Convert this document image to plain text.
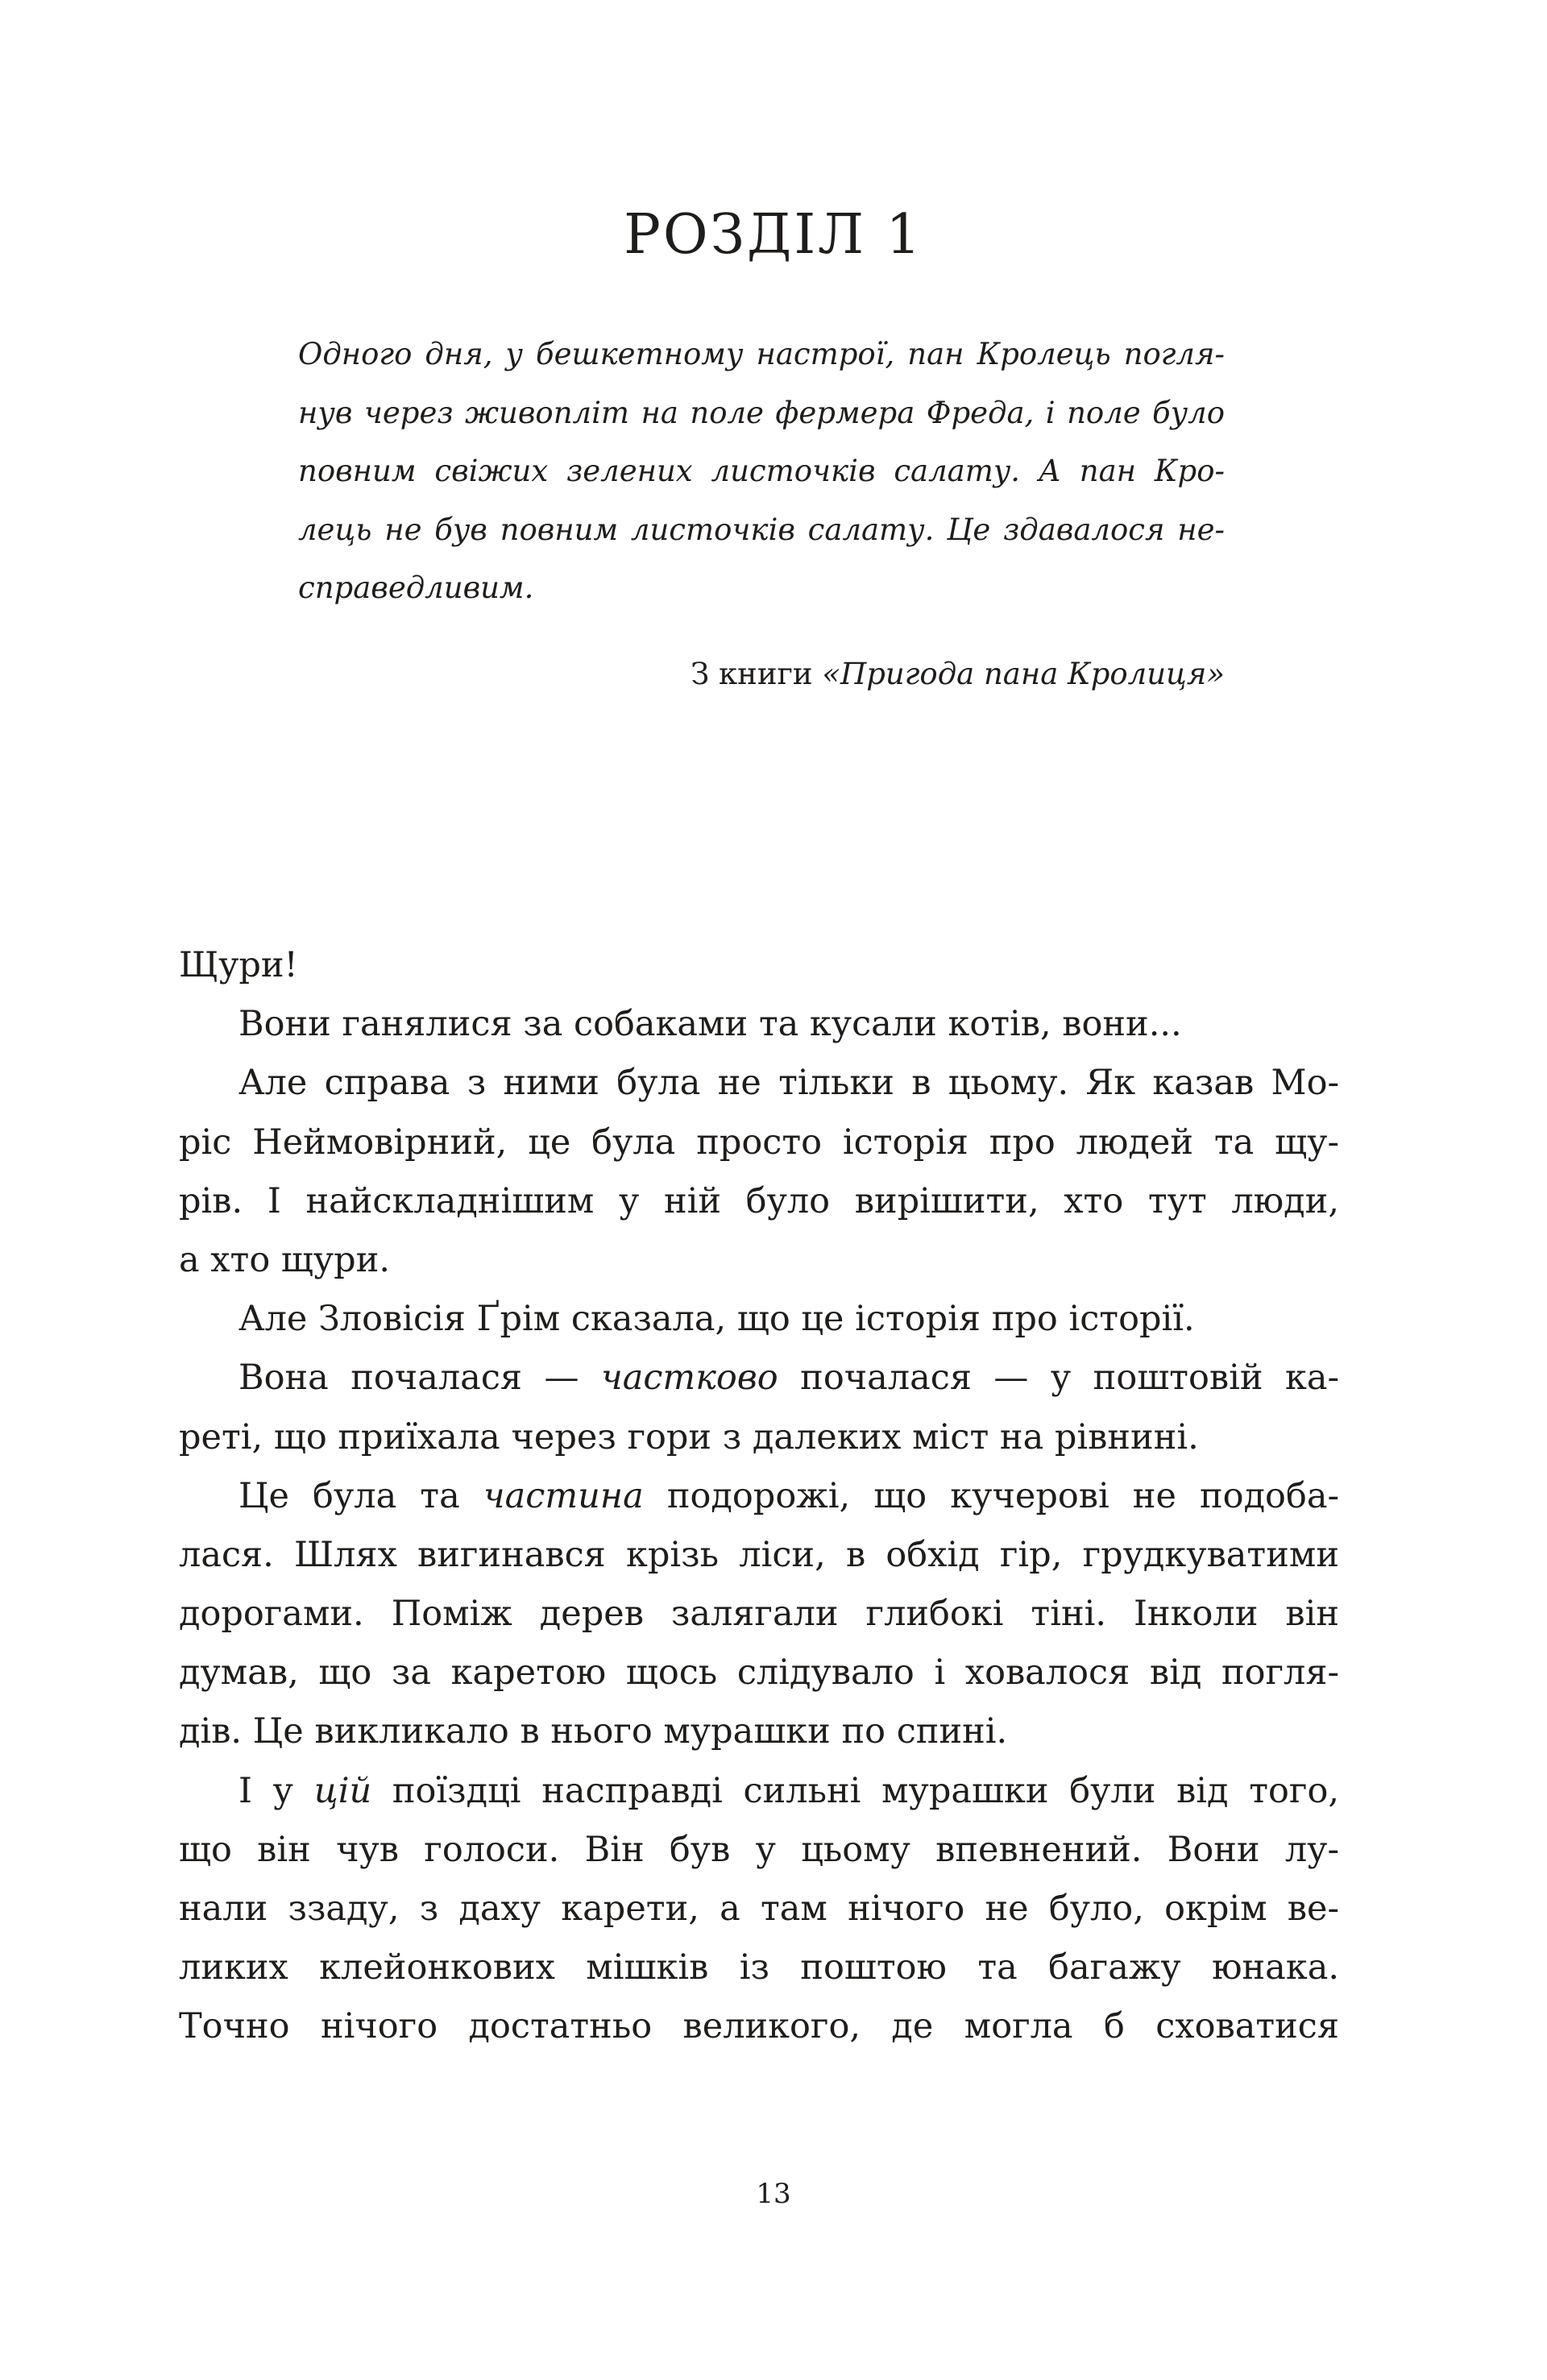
РОЗДІЛ 1
Одного дня, у бешкетному настрої, пан Кролець погля-
нув через живопліт на поле фермера Фреда, і поле було
повним свіжих зелених листочків салату. А пан Кро-
лець не був повним листочків салату. Це здавалося не-
справедливим.
З книги «Пригода пана Кролиця»
Щури!
Вони ганялися за собаками та кусали котів, вони...
Але справа з ними була не тільки в цьому. Як казав Мо-
ріс Неймовірний, це була просто історія про людей та щу-
рів. І найскладнішим у ній було вирішити, хто тут люди,
а хто щури.
Але Зловісія Ґрім сказала, що це історія про історії.
Вона почалася — частково почалася — у поштовій ка-
реті, що приїхала через гори з далеких міст на рівнині.
Це була та частина подорожі, що кучерові не подоба-
лася. Шлях вигинався крізь ліси, в обхід гір, грудкуватими
дорогами. Поміж дерев залягали глибокі тіні. Інколи він
думав, що за каретою щось слідувало і ховалося від погля-
дів. Це викликало в нього мурашки по спині.
І у цій поїздці насправді сильні мурашки були від того,
що він чув голоси. Він був у цьому впевнений. Вони лу-
нали ззаду, з даху карети, а там нічого не було, окрім ве-
ликих клейонкових мішків із поштою та багажу юнака.
Точно нічого достатньо великого, де могла б сховатися
13
